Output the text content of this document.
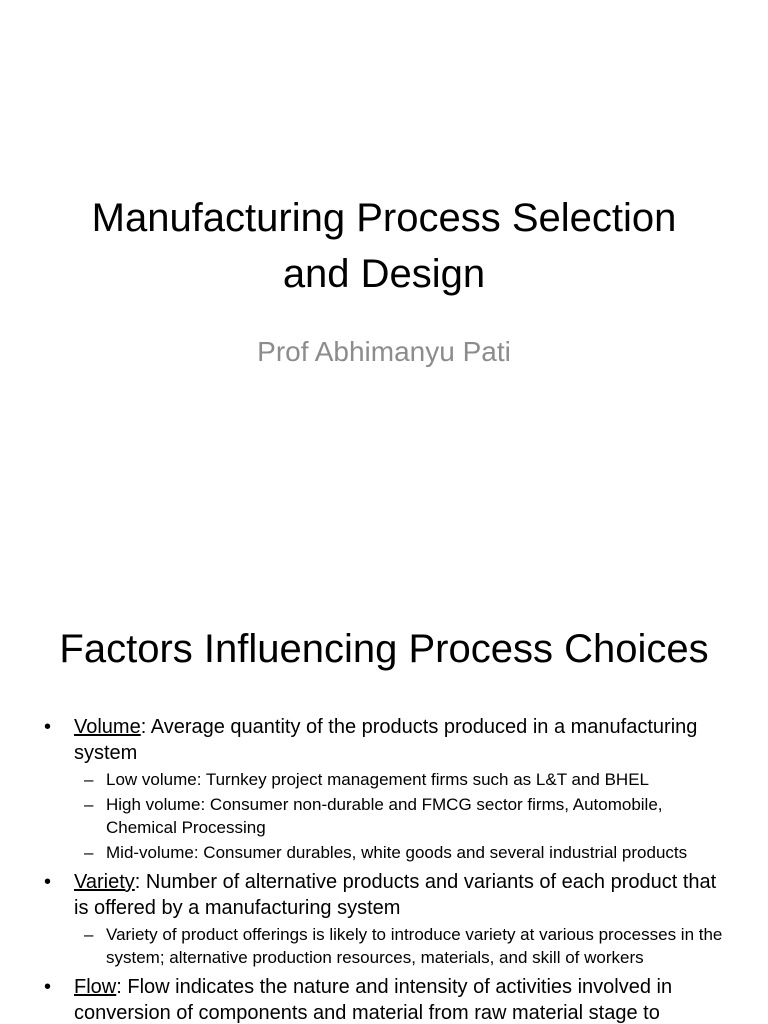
Manufacturing Process Selection
and Design
Prof Abhimanyu Pati
Factors Influencing Process Choices
• Volume: Average quantity of the products produced in a manufacturing system
– Low volume: Turnkey project management firms such as L&T and BHEL
– High volume: Consumer non-durable and FMCG sector firms, Automobile, Chemical Processing
– Mid-volume: Consumer durables, white goods and several industrial products
• Variety: Number of alternative products and variants of each product that is offered by a manufacturing system
– Variety of product offerings is likely to introduce variety at various processes in the system; alternative production resources, materials, and skill of workers
• Flow: Flow indicates the nature and intensity of activities involved in conversion of components and material from raw material stage to
